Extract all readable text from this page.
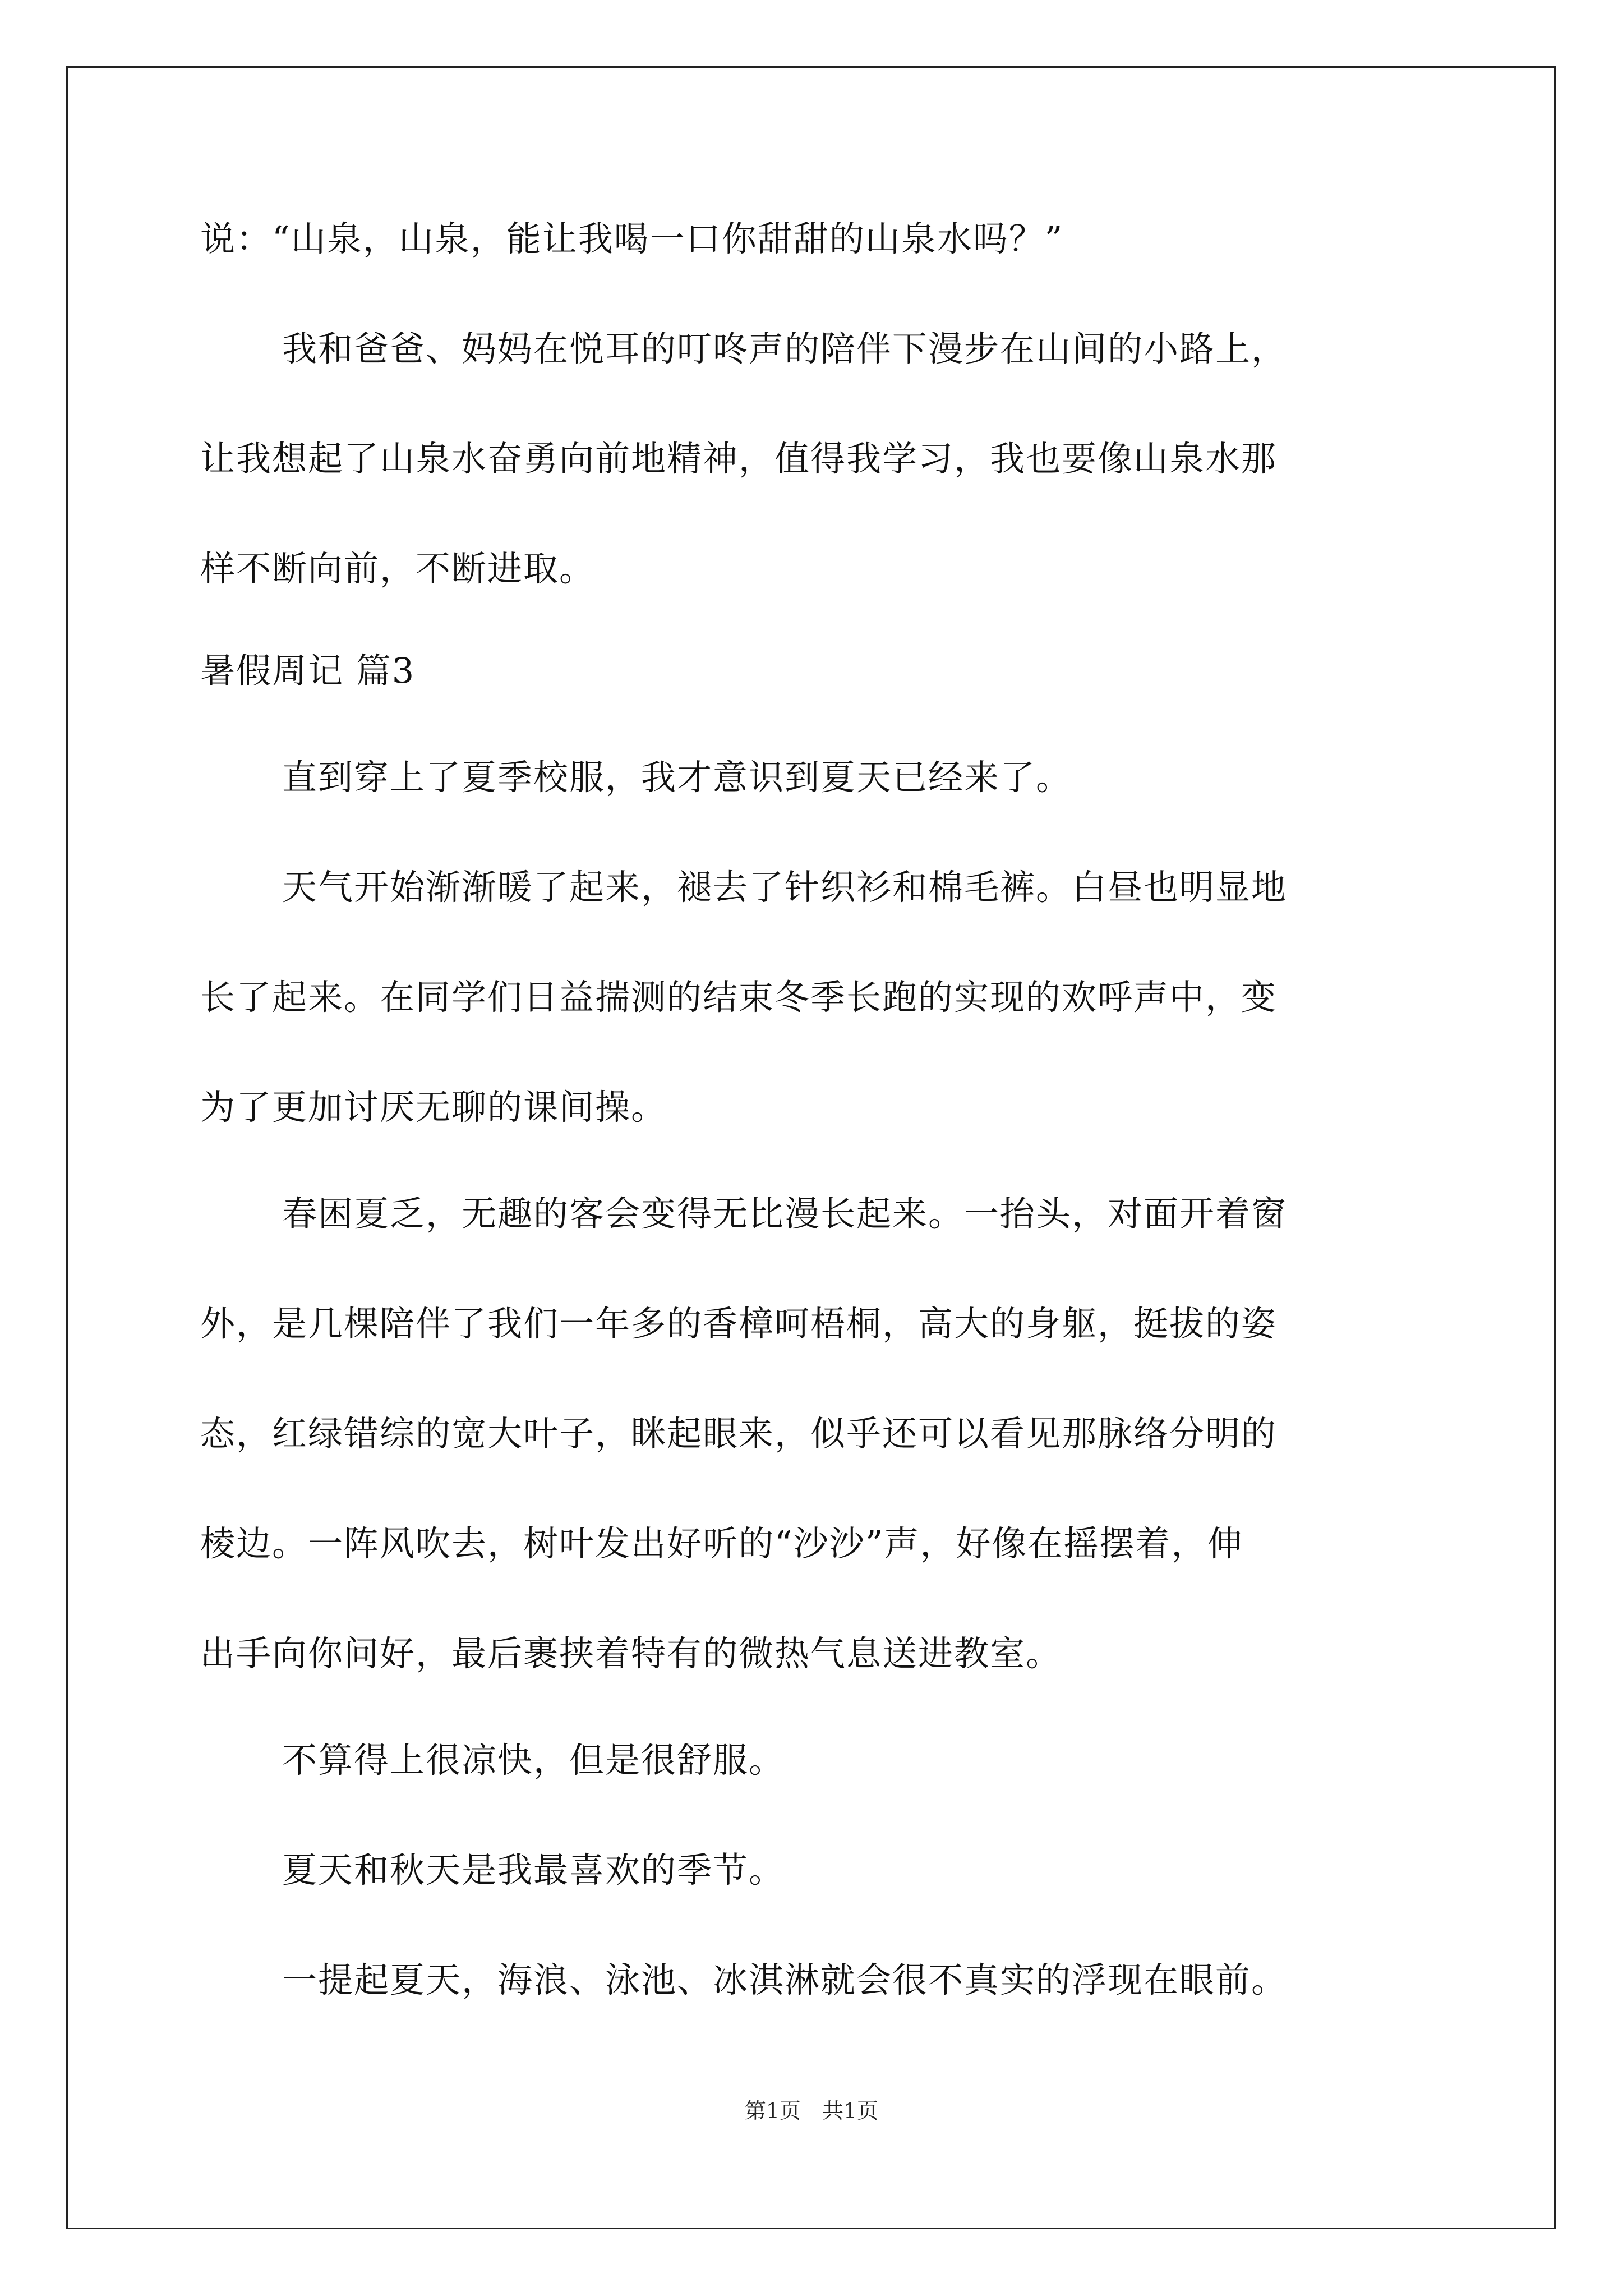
说：“山泉，山泉，能让我喝一口你甜甜的山泉水吗？”

我和爸爸、妈妈在悦耳的叮咚声的陪伴下漫步在山间的小路上，

让我想起了山泉水奋勇向前地精神，值得我学习，我也要像山泉水那

样不断向前，不断进取。

暑假周记 篇3

直到穿上了夏季校服，我才意识到夏天已经来了。

天气开始渐渐暖了起来，褪去了针织衫和棉毛裤。白昼也明显地

长了起来。在同学们日益揣测的结束冬季长跑的实现的欢呼声中，变

为了更加讨厌无聊的课间操。

春困夏乏，无趣的客会变得无比漫长起来。一抬头，对面开着窗

外，是几棵陪伴了我们一年多的香樟呵梧桐，高大的身躯，挺拔的姿

态，红绿错综的宽大叶子，眯起眼来，似乎还可以看见那脉络分明的

棱边。一阵风吹去，树叶发出好听的“沙沙”声，好像在摇摆着，伸

出手向你问好，最后裹挟着特有的微热气息送进教室。

不算得上很凉快，但是很舒服。

夏天和秋天是我最喜欢的季节。

一提起夏天，海浪、泳池、冰淇淋就会很不真实的浮现在眼前。

第1页　共1页
